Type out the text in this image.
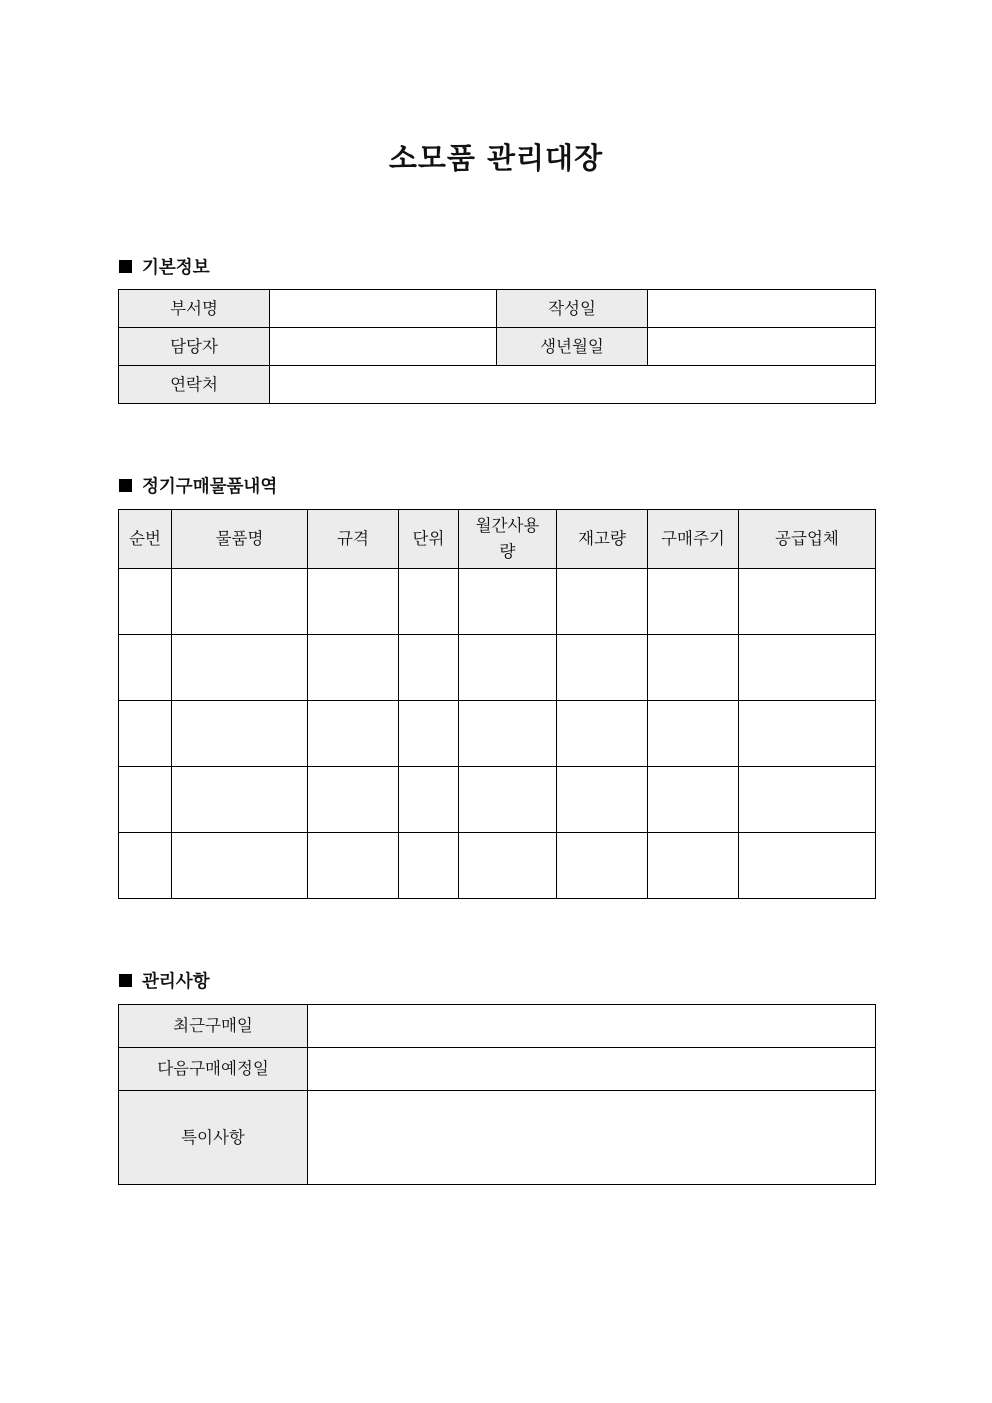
소모품 관리대장
기본정보
부서명		작성일	
담당자		생년월일	
연락처			
정기구매물품내역
순번	물품명	규격	단위	월간사용량	재고량	구매주기	공급업체

관리사항
최근구매일	
다음구매예정일	
특이사항	
